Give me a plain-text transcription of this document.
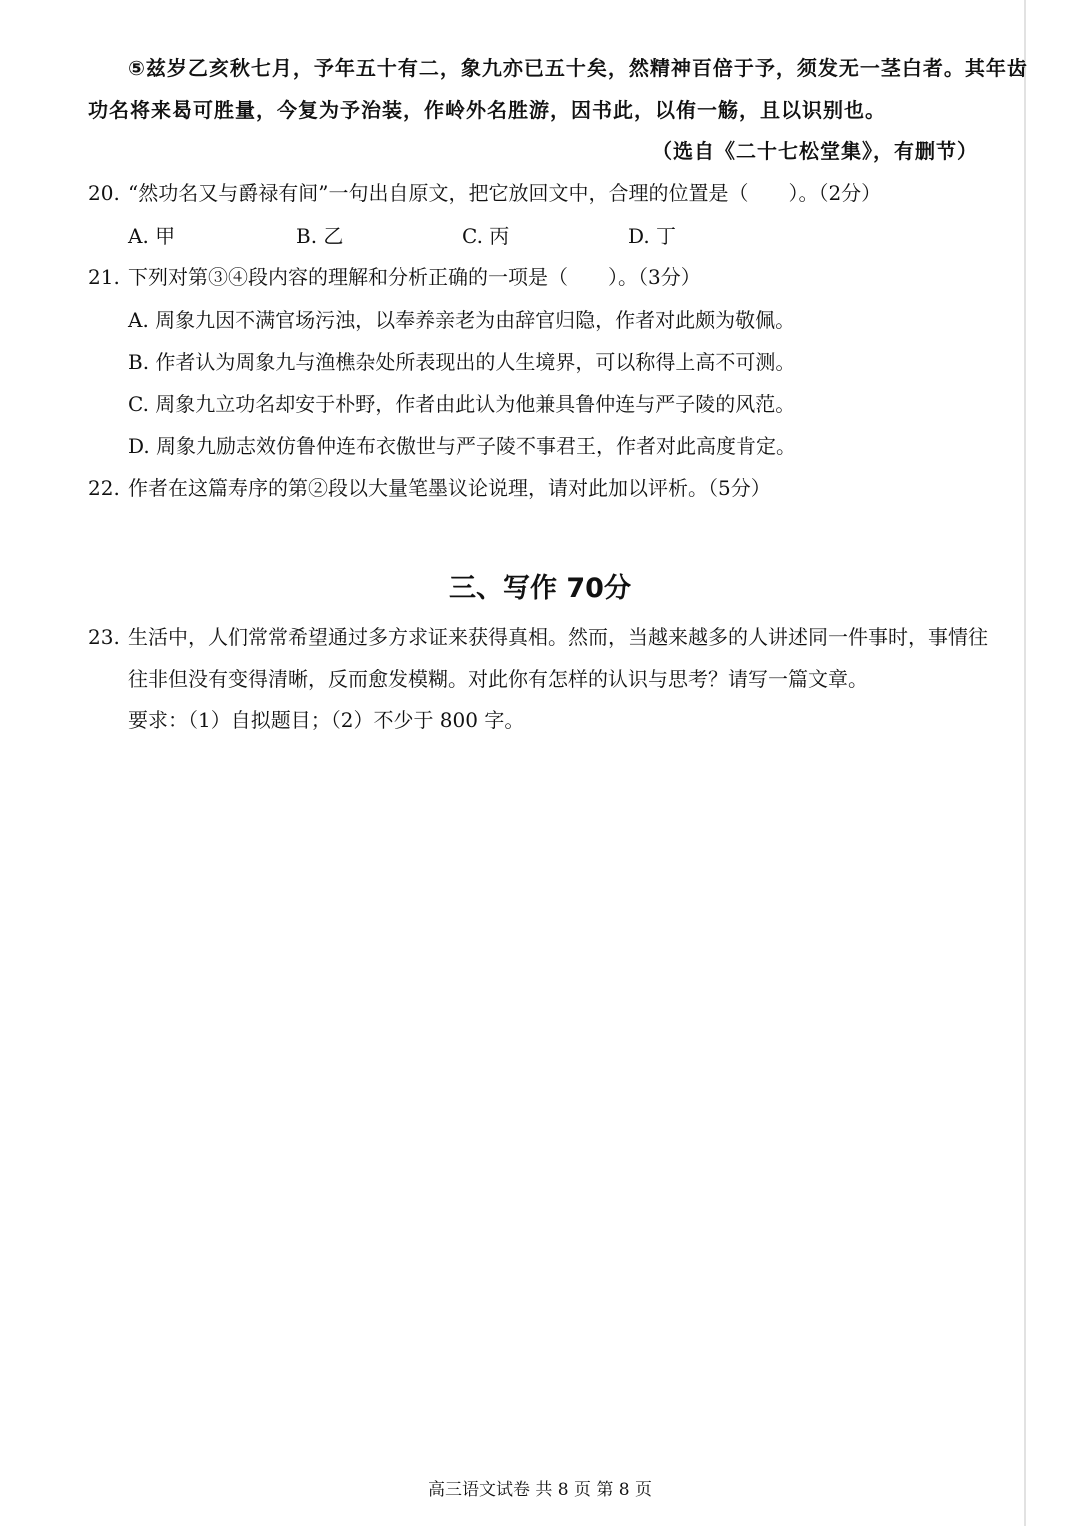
⑤兹岁乙亥秋七月，予年五十有二，象九亦已五十矣，然精神百倍于予，须发无一茎白者。其年齿
功名将来曷可胜量，今复为予治装，作岭外名胜游，因书此，以侑一觞，且以识别也。
（选自《二十七松堂集》，有删节）
20. “然功名又与爵禄有间”一句出自原文，把它放回文中，合理的位置是（　　）。（2分）
A. 甲	B. 乙	C. 丙	D. 丁
21. 下列对第③④段内容的理解和分析正确的一项是（　　）。（3分）
A. 周象九因不满官场污浊，以奉养亲老为由辞官归隐，作者对此颇为敬佩。
B. 作者认为周象九与渔樵杂处所表现出的人生境界，可以称得上高不可测。
C. 周象九立功名却安于朴野，作者由此认为他兼具鲁仲连与严子陵的风范。
D. 周象九励志效仿鲁仲连布衣傲世与严子陵不事君王，作者对此高度肯定。
22. 作者在这篇寿序的第②段以大量笔墨议论说理，请对此加以评析。（5分）
三、写作 70分
23. 生活中，人们常常希望通过多方求证来获得真相。然而，当越来越多的人讲述同一件事时，事情往
往非但没有变得清晰，反而愈发模糊。对此你有怎样的认识与思考？请写一篇文章。
要求：（1）自拟题目；（2）不少于 800 字。
高三语文试卷 共 8 页 第 8 页
